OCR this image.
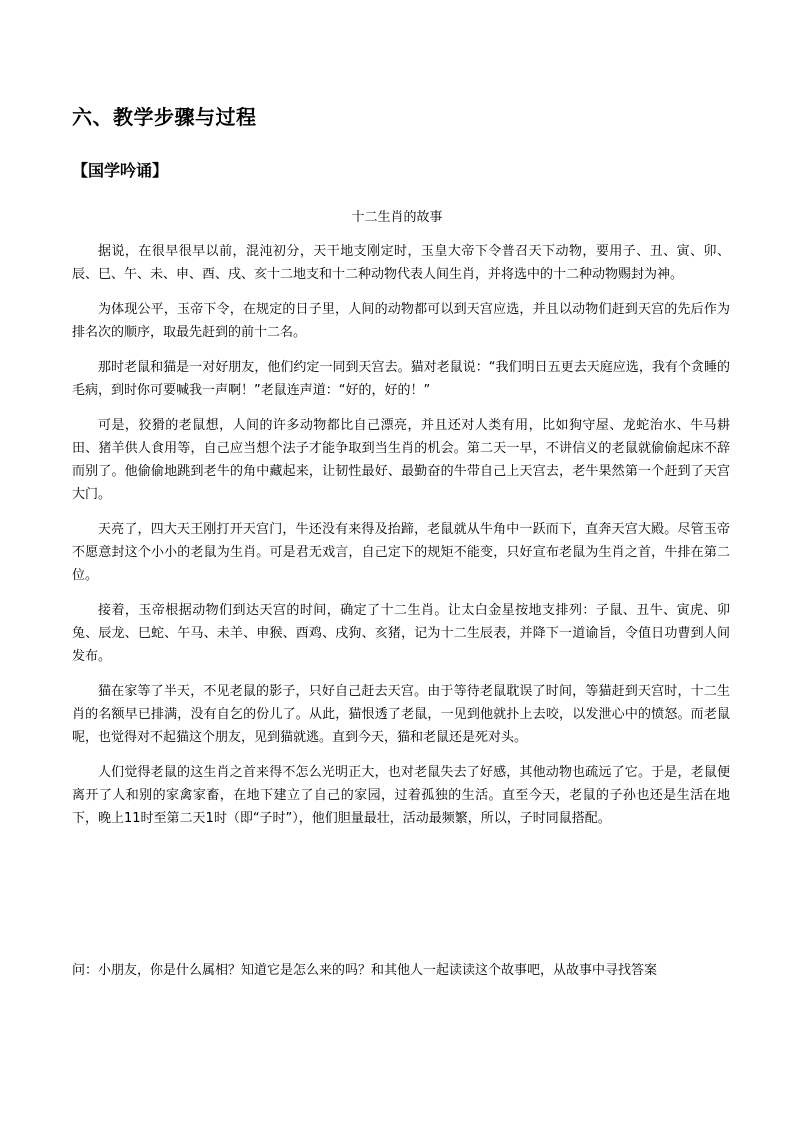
六、教学步骤与过程
【国学吟诵】
十二生肖的故事

据说，在很早很早以前，混沌初分，天干地支刚定时，玉皇大帝下令普召天下动物，要用子、丑、寅、卯、辰、巳、午、未、申、酉、戌、亥十二地支和十二种动物代表人间生肖，并将选中的十二种动物赐封为神。

为体现公平，玉帝下令，在规定的日子里，人间的动物都可以到天宫应选，并且以动物们赶到天宫的先后作为排名次的顺序，取最先赶到的前十二名。

那时老鼠和猫是一对好朋友，他们约定一同到天宫去。猫对老鼠说：“我们明日五更去天庭应选，我有个贪睡的毛病，到时你可要喊我一声啊！”老鼠连声道：“好的，好的！”

可是，狡猾的老鼠想，人间的许多动物都比自己漂亮，并且还对人类有用，比如狗守屋、龙蛇治水、牛马耕田、猪羊供人食用等，自己应当想个法子才能争取到当生肖的机会。第二天一早，不讲信义的老鼠就偷偷起床不辞而别了。他偷偷地跳到老牛的角中藏起来，让韧性最好、最勤奋的牛带自己上天宫去，老牛果然第一个赶到了天宫大门。

天亮了，四大天王刚打开天宫门，牛还没有来得及抬蹄，老鼠就从牛角中一跃而下，直奔天宫大殿。尽管玉帝不愿意封这个小小的老鼠为生肖。可是君无戏言，自己定下的规矩不能变，只好宣布老鼠为生肖之首，牛排在第二位。

接着，玉帝根据动物们到达天宫的时间，确定了十二生肖。让太白金星按地支排列：子鼠、丑牛、寅虎、卯兔、辰龙、巳蛇、午马、未羊、申猴、酉鸡、戌狗、亥猪，记为十二生辰表，并降下一道谕旨，令值日功曹到人间发布。

猫在家等了半天，不见老鼠的影子，只好自己赶去天宫。由于等待老鼠耽误了时间，等猫赶到天宫时，十二生肖的名额早已排满，没有自乞的份儿了。从此，猫恨透了老鼠，一见到他就扑上去咬，以发泄心中的愤怒。而老鼠呢，也觉得对不起猫这个朋友，见到猫就逃。直到今天，猫和老鼠还是死对头。

人们觉得老鼠的这生肖之首来得不怎么光明正大，也对老鼠失去了好感，其他动物也疏远了它。于是，老鼠便离开了人和别的家禽家畜，在地下建立了自己的家园，过着孤独的生活。直至今天，老鼠的子孙也还是生活在地下，晚上11时至第二天1时（即“子时”），他们胆量最壮，活动最频繁，所以，子时同鼠搭配。

问：小朋友，你是什么属相？知道它是怎么来的吗？和其他人一起读读这个故事吧，从故事中寻找答案
